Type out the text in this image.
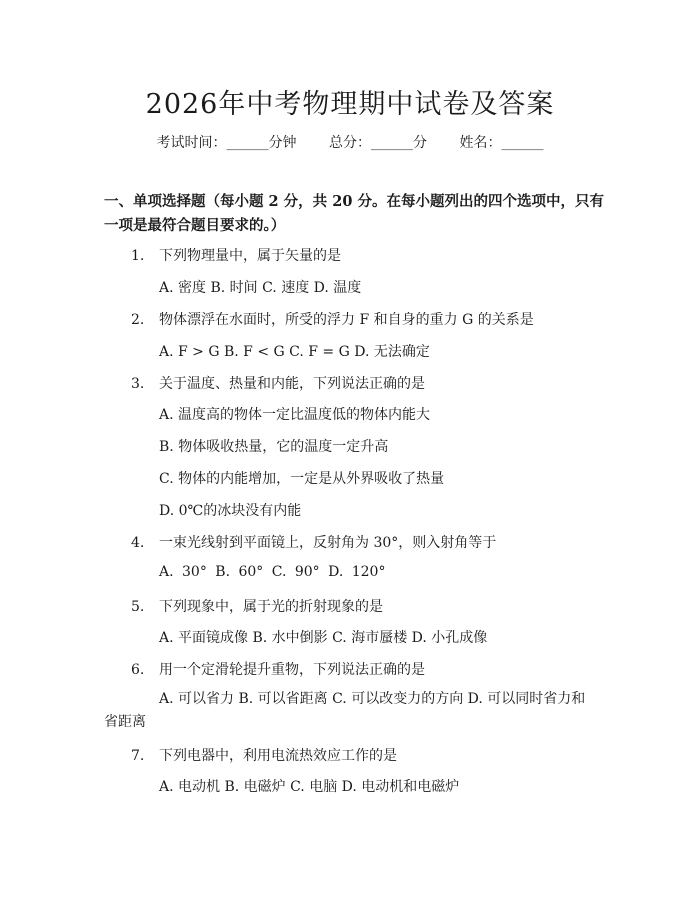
2026年中考物理期中试卷及答案
考试时间：______分钟 总分：______分 姓名：______
一、单项选择题（每小题 2 分，共 20 分。在每小题列出的四个选项中，只有一项是最符合题目要求的。）
1. 下列物理量中，属于矢量的是
A. 密度 B. 时间 C. 速度 D. 温度
2. 物体漂浮在水面时，所受的浮力 F 和自身的重力 G 的关系是
A. F > G B. F < G C. F = G D. 无法确定
3. 关于温度、热量和内能，下列说法正确的是
A. 温度高的物体一定比温度低的物体内能大
B. 物体吸收热量，它的温度一定升高
C. 物体的内能增加，一定是从外界吸收了热量
D. 0℃的冰块没有内能
4. 一束光线射到平面镜上，反射角为 30°，则入射角等于
A. 30° B. 60° C. 90° D. 120°
5. 下列现象中，属于光的折射现象的是
A. 平面镜成像 B. 水中倒影 C. 海市蜃楼 D. 小孔成像
6. 用一个定滑轮提升重物，下列说法正确的是
A. 可以省力 B. 可以省距离 C. 可以改变力的方向 D. 可以同时省力和省距离
7. 下列电器中，利用电流热效应工作的是
A. 电动机 B. 电磁炉 C. 电脑 D. 电动机和电磁炉
